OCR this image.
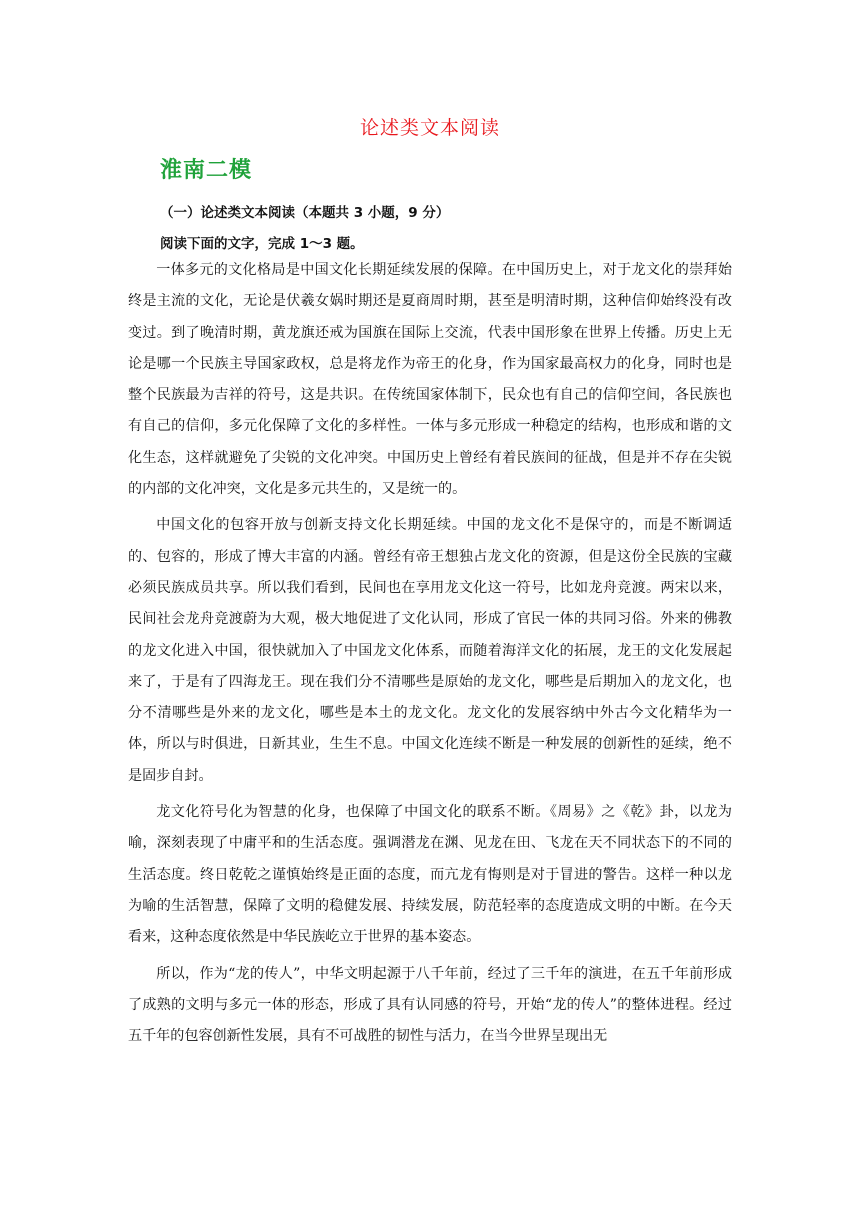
论述类文本阅读
淮南二模
（一）论述类文本阅读（本题共 3 小题，9 分）
阅读下面的文字，完成 1～3 题。

一体多元的文化格局是中国文化长期延续发展的保障。在中国历史上，对于龙文化的崇拜始终是主流的文化，无论是伏羲女娲时期还是夏商周时期，甚至是明清时期，这种信仰始终没有改变过。到了晚清时期，黄龙旗还戒为国旗在国际上交流，代表中国形象在世界上传播。历史上无论是哪一个民族主导国家政权，总是将龙作为帝王的化身，作为国家最高权力的化身，同时也是整个民族最为吉祥的符号，这是共识。在传统国家体制下，民众也有自己的信仰空间，各民族也有自己的信仰，多元化保障了文化的多样性。一体与多元形成一种稳定的结构，也形成和谐的文化生态，这样就避免了尖锐的文化冲突。中国历史上曾经有着民族间的征战，但是并不存在尖锐的内部的文化冲突，文化是多元共生的，又是统一的。

中国文化的包容开放与创新支持文化长期延续。中国的龙文化不是保守的，而是不断调适的、包容的，形成了博大丰富的内涵。曾经有帝王想独占龙文化的资源，但是这份全民族的宝藏必须民族成员共享。所以我们看到，民间也在享用龙文化这一符号，比如龙舟竞渡。两宋以来，民间社会龙舟竞渡蔚为大观，极大地促进了文化认同，形成了官民一体的共同习俗。外来的佛教的龙文化进入中国，很快就加入了中国龙文化体系，而随着海洋文化的拓展，龙王的文化发展起来了，于是有了四海龙王。现在我们分不清哪些是原始的龙文化，哪些是后期加入的龙文化，也分不清哪些是外来的龙文化，哪些是本土的龙文化。龙文化的发展容纳中外古今文化精华为一体，所以与时俱进，日新其业，生生不息。中国文化连续不断是一种发展的创新性的延续，绝不是固步自封。

龙文化符号化为智慧的化身，也保障了中国文化的联系不断。《周易》之《乾》卦，以龙为喻，深刻表现了中庸平和的生活态度。强调潜龙在渊、见龙在田、飞龙在天不同状态下的不同的生活态度。终日乾乾之谨慎始终是正面的态度，而亢龙有悔则是对于冒进的警告。这样一种以龙为喻的生活智慧，保障了文明的稳健发展、持续发展，防范轻率的态度造成文明的中断。在今天看来，这种态度依然是中华民族屹立于世界的基本姿态。

所以，作为“龙的传人”，中华文明起源于八千年前，经过了三千年的演进，在五千年前形成了成熟的文明与多元一体的形态，形成了具有认同感的符号，开始“龙的传人”的整体进程。经过五千年的包容创新性发展，具有不可战胜的韧性与活力，在当今世界呈现出无
